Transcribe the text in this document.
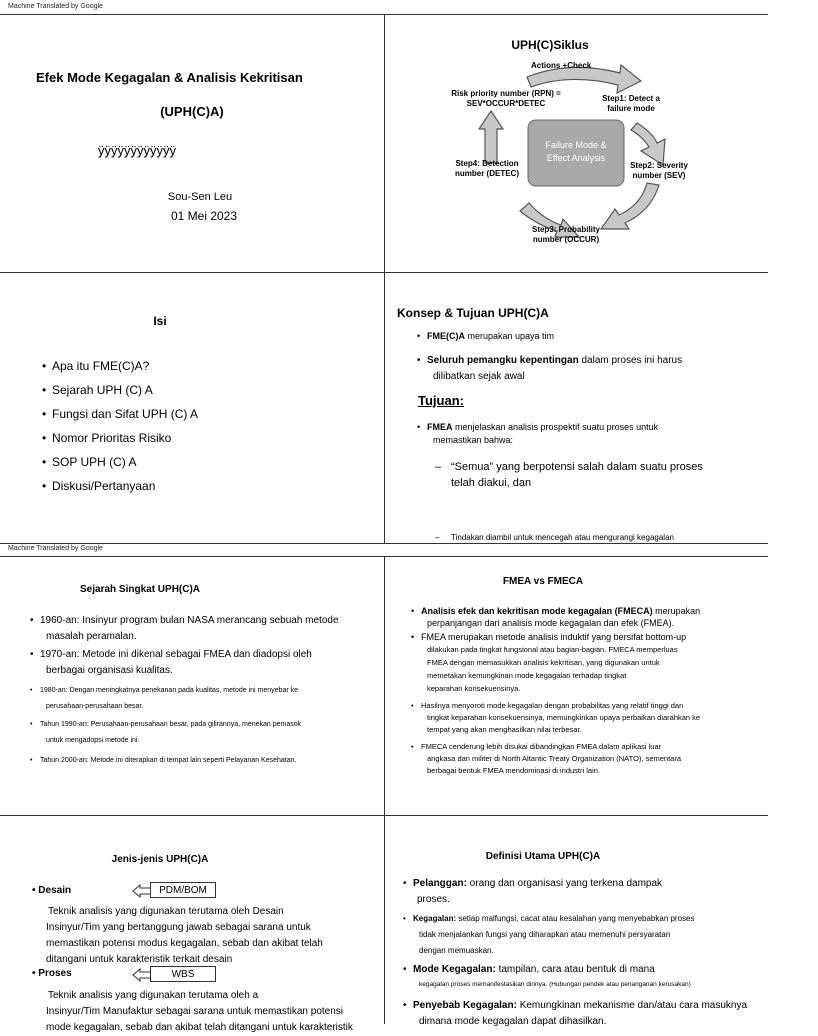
Machine Translated by Google
Machine Translated by Google
Efek Mode Kegagalan & Analisis Kekritisan
(UPH(C)A)
ÿÿÿÿÿÿÿÿÿÿÿÿ
Sou-Sen Leu
01 Mei 2023
UPH(C)Siklus
Failure Mode &
Effect Analysis
Actions +Check
Risk priority number (RPN) =
SEV*OCCUR*DETEC
Step1: Detect a
failure mode
Step2: Severity
number (SEV)
Step3: Probability
number (OCCUR)
Step4: Detection
number (DETEC)
Isi
• Apa itu FME(C)A?
• Sejarah UPH (C) A
• Fungsi dan Sifat UPH (C) A
• Nomor Prioritas Risiko
• SOP UPH (C) A
• Diskusi/Pertanyaan
Konsep & Tujuan UPH(C)A
• FME(C)A merupakan upaya tim
• Seluruh pemangku kepentingan dalam proses ini harus
dilibatkan sejak awal
Tujuan:
• FMEA menjelaskan analisis prospektif suatu proses untuk
memastikan bahwa:
– “Semua” yang berpotensi salah dalam suatu proses
telah diakui, dan
– Tindakan diambil untuk mencegah atau mengurangi kegagalan
Sejarah Singkat UPH(C)A
• 1960-an: Insinyur program bulan NASA merancang sebuah metode
masalah peramalan.
• 1970-an: Metode ini dikenal sebagai FMEA dan diadopsi oleh
berbagai organisasi kualitas.
• 1980-an: Dengan meningkatnya penekanan pada kualitas, metode ini menyebar ke
perusahaan-perusahaan besar.
• Tahun 1990-an: Perusahaan-perusahaan besar, pada gilirannya, menekan pemasok
untuk mengadopsi metode ini.
• Tahun 2000-an: Metode ini diterapkan di tempat lain seperti Pelayanan Kesehatan.
FMEA vs FMECA
• Analisis efek dan kekritisan mode kegagalan (FMECA) merupakan
perpanjangan dari analisis mode kegagalan dan efek (FMEA).
• FMEA merupakan metode analisis induktif yang bersifat bottom-up
dilakukan pada tingkat fungsional atau bagian-bagian. FMECA memperluas
FMEA dengan memasukkan analisis kekritisan, yang digunakan untuk
memetakan kemungkinan mode kegagalan terhadap tingkat
keparahan konsekuensinya.
• Hasilnya menyoroti mode kegagalan dengan probabilitas yang relatif tinggi dan
tingkat keparahan konsekuensinya, memungkinkan upaya perbaikan diarahkan ke
tempat yang akan menghasilkan nilai terbesar.
• FMECA cenderung lebih disukai dibandingkan FMEA dalam aplikasi luar
angkasa dan militer di North Altantic Treaty Organization (NATO), sementara
berbagai bentuk FMEA mendominasi di industri lain.
Jenis-jenis UPH(C)A
• Desain	PDM/BOM
Teknik analisis yang digunakan terutama oleh Desain
Insinyur/Tim yang bertanggung jawab sebagai sarana untuk
memastikan potensi modus kegagalan, sebab dan akibat telah
ditangani untuk karakteristik terkait desain
• Proses	WBS
Teknik analisis yang digunakan terutama oleh a
Insinyur/Tim Manufaktur sebagai sarana untuk memastikan potensi
mode kegagalan, sebab dan akibat telah ditangani untuk karakteristik
Definisi Utama UPH(C)A
• Pelanggan: orang dan organisasi yang terkena dampak
proses.
• Kegagalan: setiap malfungsi, cacat atau kesalahan yang menyebabkan proses
tidak menjalankan fungsi yang diharapkan atau memenuhi persyaratan
dengan memuaskan.
• Mode Kegagalan: tampilan, cara atau bentuk di mana
kegagalan proses memanifestasikan dirinya. (Hubungan pendek atau penanganan kerusakan)
• Penyebab Kegagalan: Kemungkinan mekanisme dan/atau cara masuknya
dimana mode kegagalan dapat dihasilkan.
